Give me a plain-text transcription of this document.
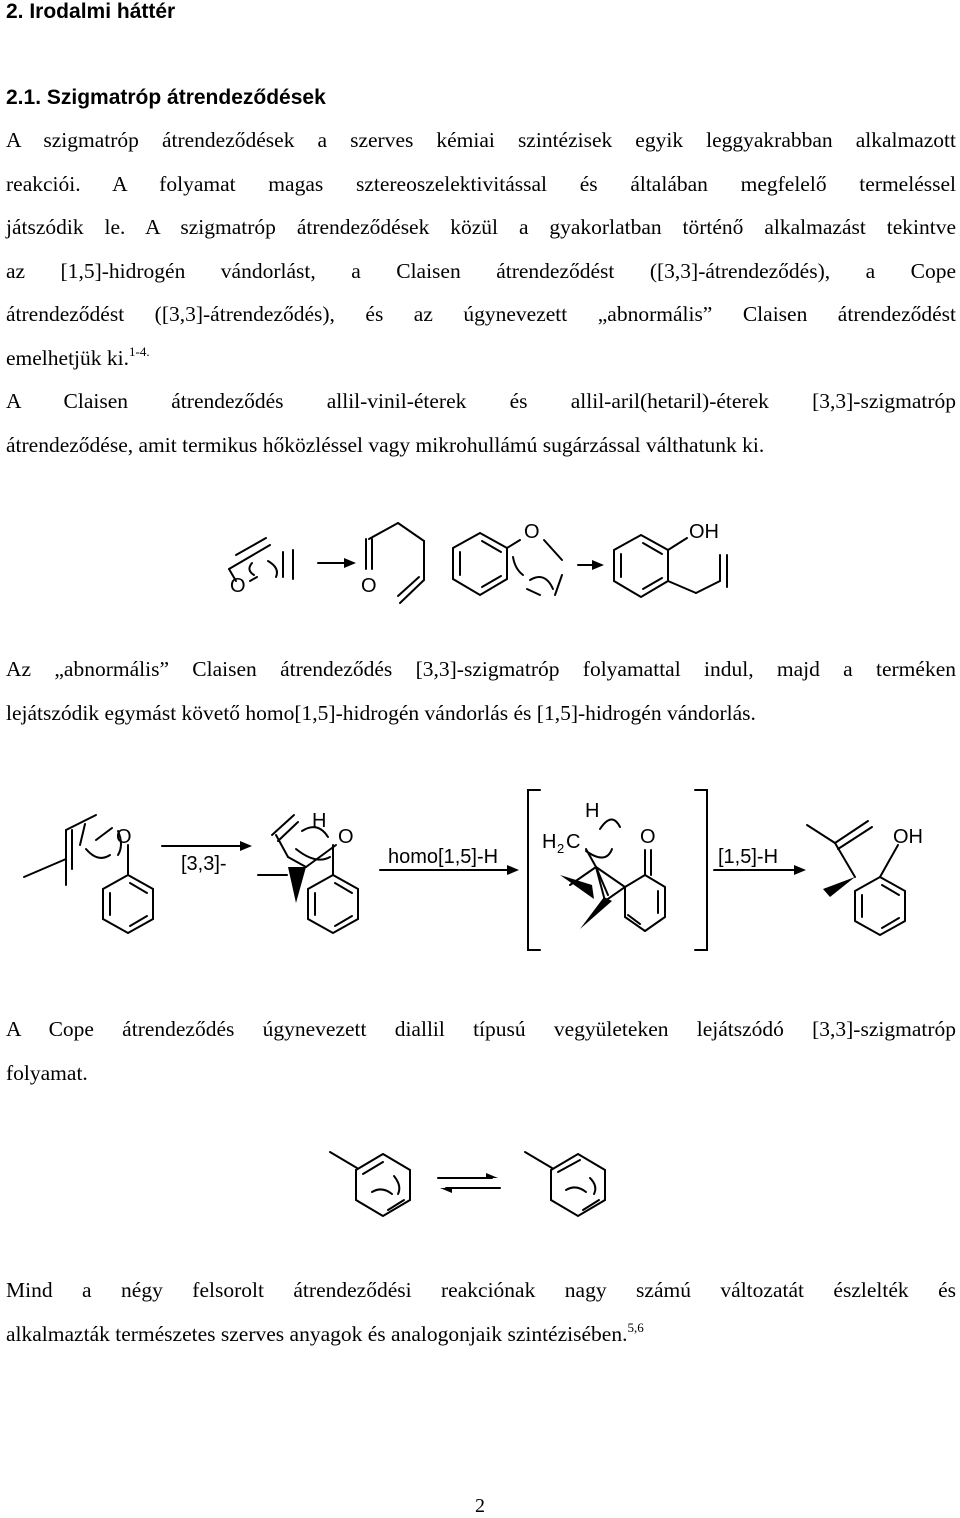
2. Irodalmi háttér
2.1. Szigmatróp átrendeződések
A szigmatróp átrendeződések a szerves kémiai szintézisek egyik leggyakrabban alkalmazott
reakciói. A folyamat magas sztereoszelektivitással és általában megfelelő termeléssel
játszódik le. A szigmatróp átrendeződések közül a gyakorlatban történő alkalmazást tekintve
az [1,5]-hidrogén vándorlást, a Claisen átrendeződést ([3,3]-átrendeződés), a Cope
átrendeződést ([3,3]-átrendeződés), és az úgynevezett „abnormális” Claisen átrendeződést
emelhetjük ki.$^{1-4.}$
A Claisen átrendeződés allil-vinil-éterek és allil-aril(hetaril)-éterek [3,3]-szigmatróp
átrendeződése, amit termikus hőközléssel vagy mikrohullámú sugárzással válthatunk ki.
O	O
O	OH
Az „abnormális” Claisen átrendeződés [3,3]-szigmatróp folyamattal indul, majd a terméken
lejátszódik egymást követő homo[1,5]-hidrogén vándorlás és [1,5]-hidrogén vándorlás.
O
[3,3]-
H
O
homo[1,5]-H
H 2 C
H
O
[1,5]-H
OH
A Cope átrendeződés úgynevezett diallil típusú vegyületeken lejátszódó [3,3]-szigmatróp
folyamat.
Mind a négy felsorolt átrendeződési reakciónak nagy számú változatát észlelték és
alkalmazták természetes szerves anyagok és analogonjaik szintézisében.$^{5,6}$
2
